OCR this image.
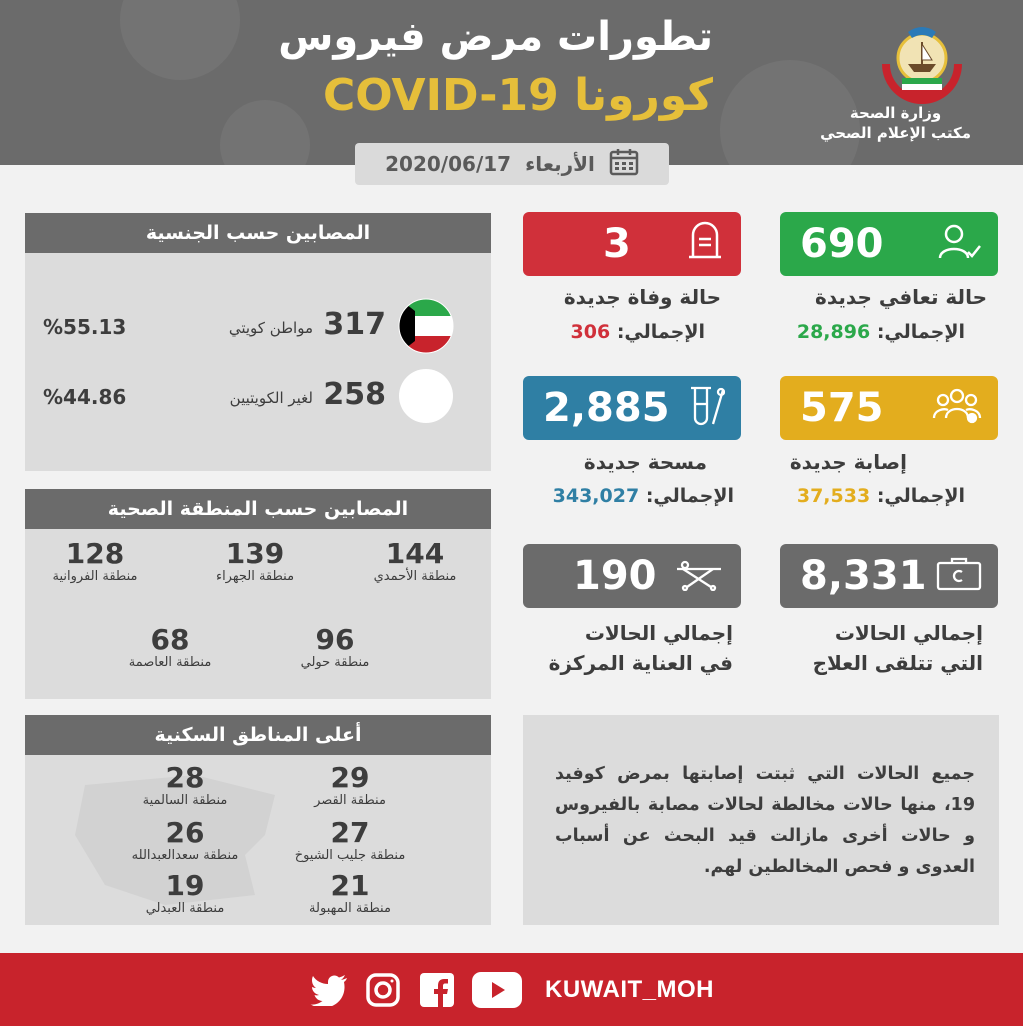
تطورات مرض فيروس
كورونا COVID-19	وزارة الصحة
مكتب الإعلام الصحي
الأربعاء
2020/06/17
690
حالة تعافي جديدة
الإجمالي: 28,896
3
حالة وفاة جديدة
الإجمالي: 306
575
إصابة جديدة
الإجمالي: 37,533
2,885
مسحة جديدة
الإجمالي: 343,027
8,331
إجمالي الحالات
التي تتلقى العلاج
190
إجمالي الحالات
في العناية المركزة
المصابين حسب الجنسية
317
مواطن كويتي
%55.13
258
لغير الكويتيين
%44.86
المصابين حسب المنطقة الصحية
144
منطقة الأحمدي
139
منطقة الجهراء
128
منطقة الفروانية
96
منطقة حولي
68
منطقة العاصمة
أعلى المناطق السكنية
29
منطقة القصر
28
منطقة السالمية
27
منطقة جليب الشيوخ
26
منطقة سعدالعبدالله
21
منطقة المهبولة
19
منطقة العبدلي
جميع الحالات التي ثبتت إصابتها بمرض كوفيد 19، منها حالات مخالطة لحالات مصابة بالفيروس و حالات أخرى مازالت قيد البحث عن أسباب العدوى و فحص المخالطين لهم.
KUWAIT_MOH
